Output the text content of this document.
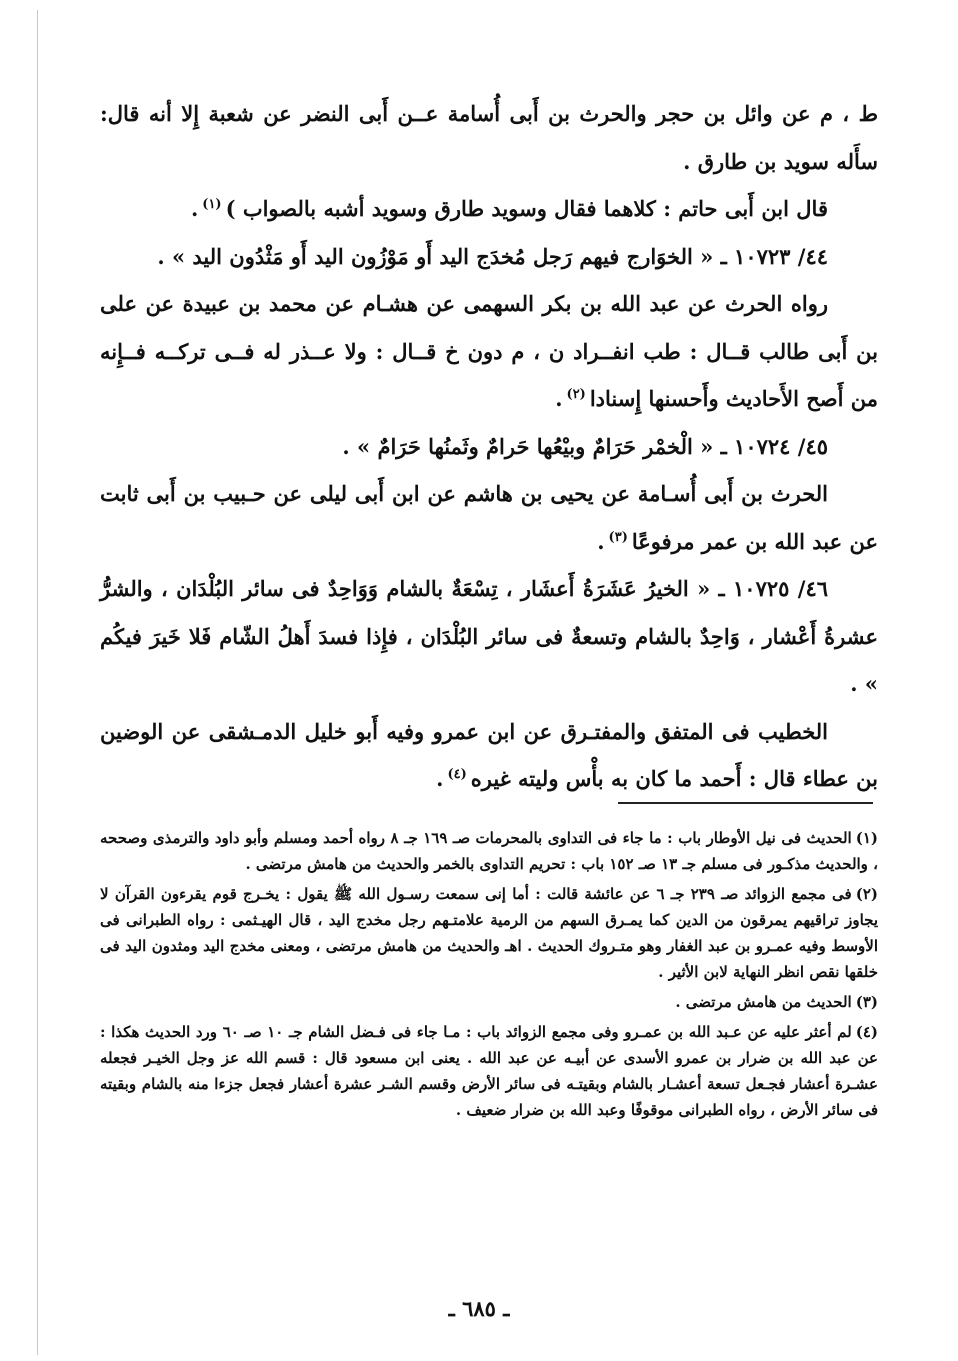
ط ، م عن وائل بن حجر والحرث بن أَبى أُسامة عــن أَبى النضر عن شعبة إِلا أنه قال: سأَله سويد بن طارق .

قال ابن أَبى حاتم : كلاهما فقال وسويد طارق وسويد أشبه بالصواب )$^{(١)}$.

٤٤/ ١٠٧٢٣ ـ « الخوَارج فيهم رَجل مُخدَج اليد أَو مَوْزُون اليد أَو مَثْدُون اليد » .

رواه الحرث عن عبد الله بن بكر السهمى عن هشـام عن محمد بن عبيدة عن على بن أَبى طالب قــال : طب انفــراد ن ، م دون خ قــال : ولا عــذر له فــى تركــه فــإِنه من أَصح الأَحاديث وأَحسنها إِسنادا$^{(٢)}$.

٤٥/ ١٠٧٢٤ ـ « الْخمْر حَرَامٌ وبيْعُها حَرامٌ وثَمنُها حَرَامٌ » .

الحرث بن أَبى أُسـامة عن يحيى بن هاشم عن ابن أَبى ليلى عن حـبيب بن أَبى ثابت عن عبد الله بن عمر مرفوعًا$^{(٣)}$.

٤٦/ ١٠٧٢٥ ـ « الخيرُ عَشَرَةُ أَعشَار ، تِسْعَةٌ بالشام وَوَاحِدٌ فى سائر البُلْدَان ، والشرُّ عشرةُ أَعْشار ، وَاحِدٌ بالشام وتسعةٌ فى سائر البُلْدَان ، فإِذا فسدَ أَهلُ الشّام فَلا خَيرَ فيكُم » .

الخطيب فى المتفق والمفتـرق عن ابن عمرو وفيه أَبو خليل الدمـشقى عن الوضين بن عطاء قال : أَحمد ما كان به بأْس وليته غيره$^{(٤)}$.

(١)الحديث فى نيل الأوطار باب : ما جاء فى التداوى بالمحرمات صـ ١٦٩ جـ ٨ رواه أحمد ومسلم وأبو داود والترمذى وصححه ، والحديث مذكـور فى مسلم جـ ١٣ صـ ١٥٢ باب : تحريم التداوى بالخمر والحديث من هامش مرتضى .

(٢)فى مجمع الزوائد صـ ٢٣٩ جـ ٦ عن عائشة قالت : أما إنى سمعت رسـول الله ﷺ يقول : يخـرج قوم يقرءون القرآن لا يجاوز تراقيهم يمرقون من الدين كما يمـرق السهم من الرمية علامتـهم رجل مخدج اليد ، قال الهيـثمى : رواه الطبرانى فى الأوسط وفيه عمـرو بن عبد الغفار وهو متـروك الحديث . اهـ والحديث من هامش مرتضى ، ومعنى مخدج اليد ومثدون اليد فى خلقها نقص انظر النهاية لابن الأثير .

(٣)الحديث من هامش مرتضى .

(٤)لم أعثر عليه عن عـبد الله بن عمـرو وفى مجمع الزوائد باب : مـا جاء فى فـضل الشام جـ ١٠ صـ ٦٠ ورد الحديث هكذا : عن عبد الله بن ضرار بن عمرو الأسدى عن أبيـه عن عبد الله . يعنى ابن مسعود قال : قسم الله عز وجل الخيـر فجعله عشـرة أعشار فجـعل تسعة أعشـار بالشام وبقيتـه فى سائر الأرض وقسم الشـر عشرة أعشار فجعل جزءا منه بالشام وبقيته فى سائر الأرض ، رواه الطبرانى موقوفًا وعبد الله بن ضرار ضعيف .

ـ ٦٨٥ ـ
